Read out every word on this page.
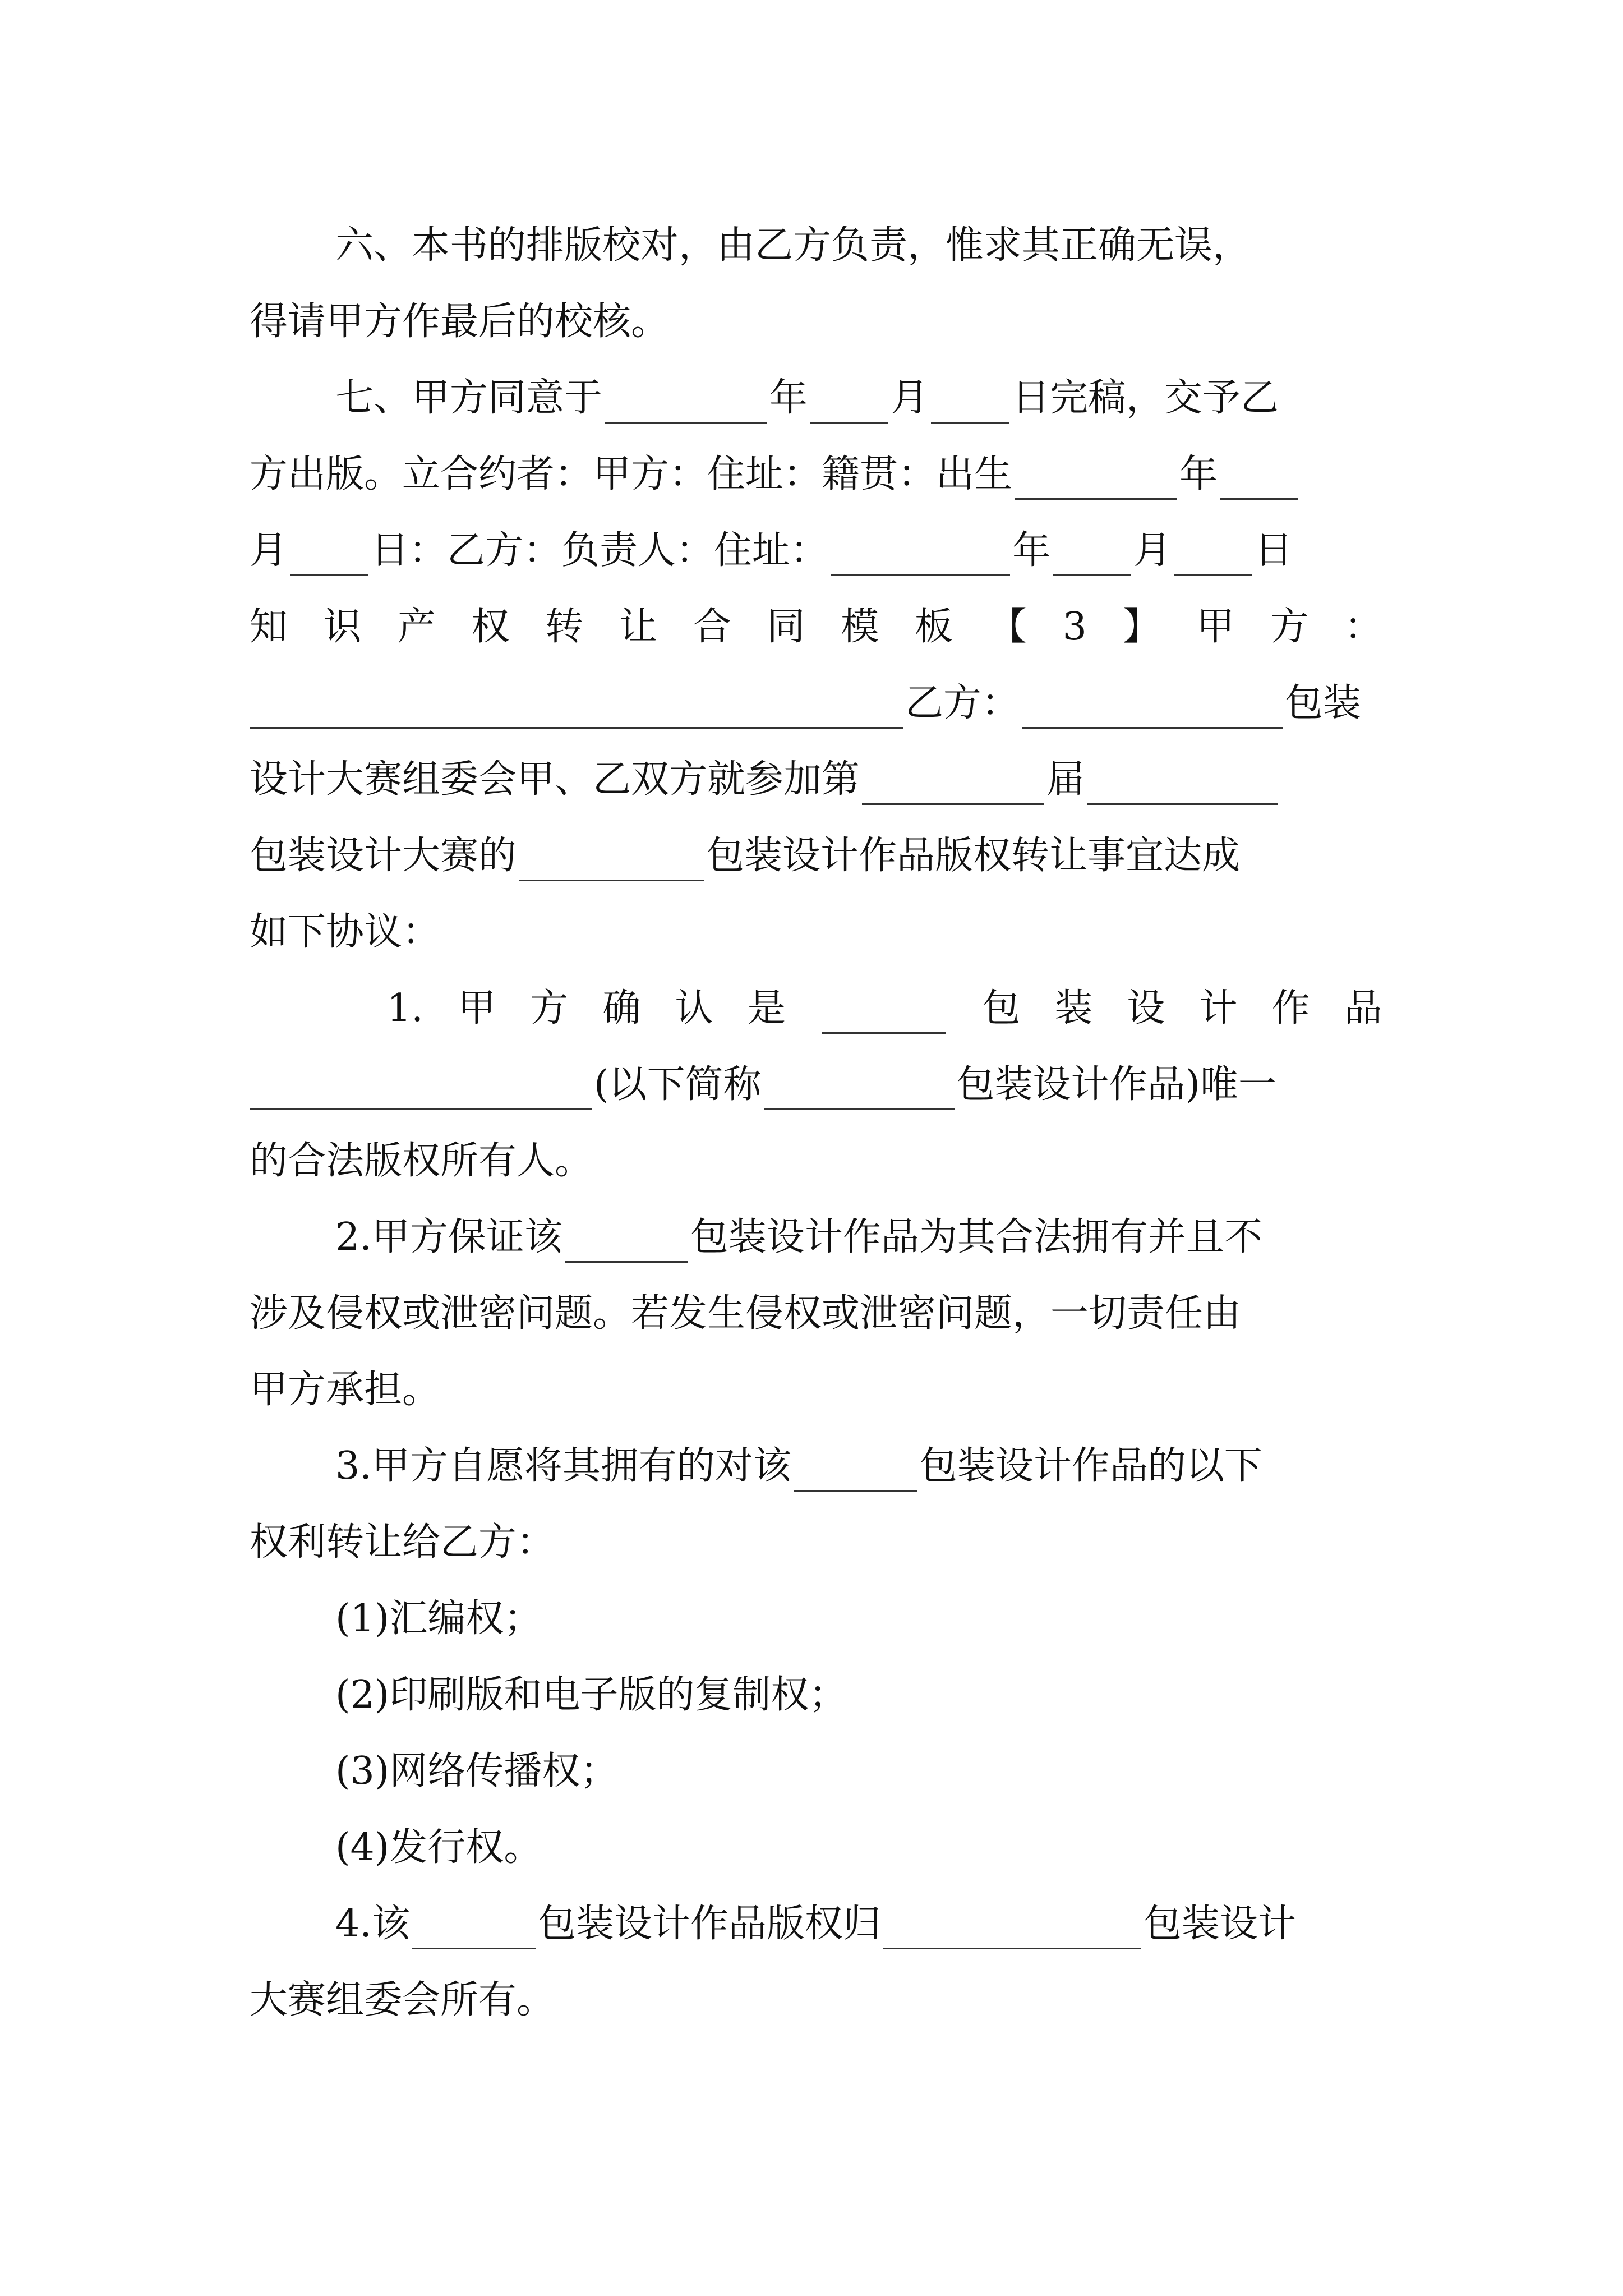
六、本书的排版校对，由乙方负责，惟求其正确无误，
得请甲方作最后的校核。
七、甲方同意于	年 月 日完稿，交予乙
方出版。立合约者：甲方：住址：籍贯：出生	年
月 日：乙方：负责人：住址：	年 月 日
知 识 产 权 转 让 合 同 模 板 【 3 】 甲 方 ：
乙方：	包装
设计大赛组委会甲、乙双方就参加第	届
包装设计大赛的	包装设计作品版权转让事宜达成
如下协议：
1. 甲 方 确 认 是	包 装 设 计 作 品
(以下简称	包装设计作品)唯一
的合法版权所有人。
2.甲方保证该	包装设计作品为其合法拥有并且不
涉及侵权或泄密问题。若发生侵权或泄密问题，一切责任由
甲方承担。
3.甲方自愿将其拥有的对该	包装设计作品的以下
权利转让给乙方：
(1)汇编权；
(2)印刷版和电子版的复制权；
(3)网络传播权；
(4)发行权。
4.该	包装设计作品版权归	包装设计
大赛组委会所有。
